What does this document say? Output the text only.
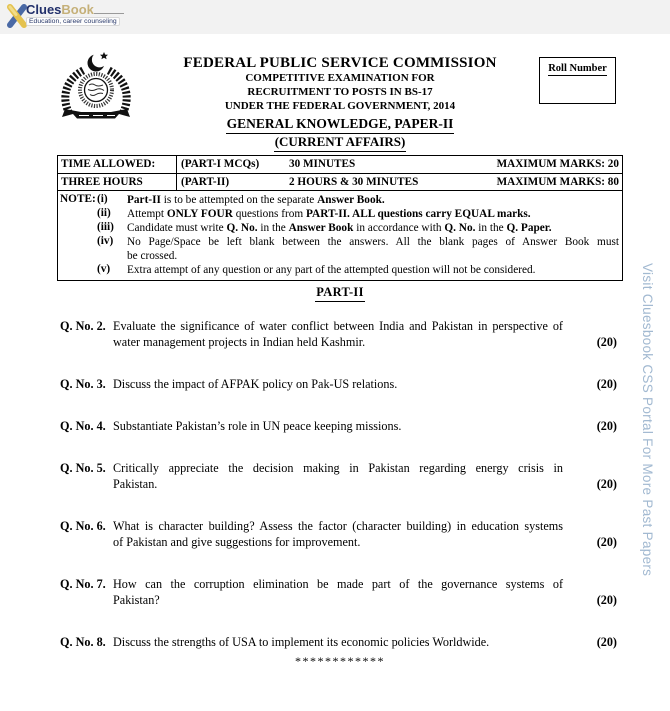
Clues Book
Education, career counseling
FEDERAL PUBLIC SERVICE COMMISSION
COMPETITIVE EXAMINATION FOR
RECRUITMENT TO POSTS IN BS-17
UNDER THE FEDERAL GOVERNMENT, 2014
GENERAL KNOWLEDGE, PAPER-II
(CURRENT AFFAIRS)
Roll Number
TIME ALLOWED:	(PART-I MCQs)	30 MINUTES	MAXIMUM MARKS: 20
THREE HOURS	(PART-II)	2 HOURS & 30 MINUTES	MAXIMUM MARKS: 80
NOTE: (i)	Part-II is to be attempted on the separate Answer Book.
(ii)	Attempt ONLY FOUR questions from PART-II. ALL questions carry EQUAL marks.
(iii)	Candidate must write Q. No. in the Answer Book in accordance with Q. No. in the Q. Paper.
(iv)	No Page/Space be left blank between the answers. All the blank pages of Answer Book must
be crossed.
(v)	Extra attempt of any question or any part of the attempted question will not be considered.
PART-II
Q. No. 2. Evaluate the significance of water conflict between India and Pakistan in perspective of
water management projects in Indian held Kashmir.	(20)
Q. No. 3. Discuss the impact of AFPAK policy on Pak-US relations.	(20)
Q. No. 4. Substantiate Pakistan’s role in UN peace keeping missions.	(20)
Q. No. 5. Critically appreciate the decision making in Pakistan regarding energy crisis in
Pakistan.	(20)
Q. No. 6. What is character building? Assess the factor (character building) in education systems
of Pakistan and give suggestions for improvement.	(20)
Q. No. 7. How can the corruption elimination be made part of the governance systems of
Pakistan?	(20)
Q. No. 8. Discuss the strengths of USA to implement its economic policies Worldwide.	(20)
************
Visit Cluesbook CSS Portal For More Past Papers
